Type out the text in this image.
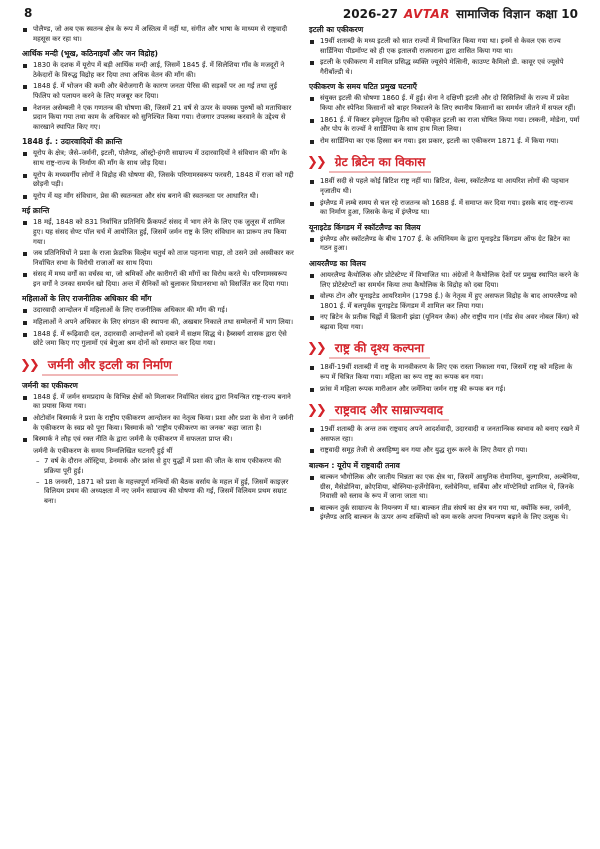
8	2026-27 AVTAR सामाजिक विज्ञान कक्षा 10

पोलैण्ड, जो अब एक स्वतन्त्र क्षेत्र के रूप में अस्तित्व में नहीं था, संगीत और भाषा के माध्यम से राष्ट्रवादी महसूस कर रहा था।

आर्थिक मन्दी (भूख, कठिनाइयाँ और जन विद्रोह)

1830 के दशक में यूरोप में बड़ी आर्थिक मन्दी आई, जिसमें 1845 ई. में सिलेशिया गाँव के मजदूरों ने ठेकेदारों के विरुद्ध विद्रोह कर दिया तथा अधिक वेतन की माँग की।

1848 ई. में भोजन की कमी और बेरोजगारी के कारण जनता पेरिस की सड़कों पर आ गई तथा लुई फिलिप को पलायन करने के लिए मजबूर कर दिया।

नेशनल असेम्बली ने एक गणतन्त्र की घोषणा की, जिसमें 21 वर्ष से ऊपर के वयस्क पुरुषों को मताधिकार प्रदान किया गया तथा काम के अधिकार को सुनिश्चित किया गया। रोजगार उपलब्ध करवाने के उद्देश्य से कारखाने स्थापित किए गए।

1848 ई. : उदारवादियों की क्रान्ति

यूरोप के क्षेत्र; जैसे–जर्मनी, इटली, पोलैण्ड, ऑस्ट्रो-हंगरी साम्राज्य में उदारवादियों ने संविधान की माँग के साथ राष्ट्र-राज्य के निर्माण की माँग के साथ जोड़ दिया।

यूरोप के मध्यवर्गीय लोगों ने विद्रोह की घोषणा की, जिसके परिणामस्वरूप फरवरी, 1848 में राजा को गद्दी छोड़नी पड़ी।

यूरोप में यह माँग संविधान, प्रेस की स्वतन्त्रता और संघ बनाने की स्वतन्त्रता पर आधारित थी।

मई क्रान्ति

18 मई, 1848 को 831 निर्वाचित प्रतिनिधि फ्रैंकफर्ट संसद में भाग लेने के लिए एक जुलूस में शामिल हुए। यह संसद सेण्ट पॉल चर्च में आयोजित हुई, जिसमें जर्मन राष्ट्र के लिए संविधान का प्रारूप तय किया गया।

जब प्रतिनिधियों ने प्रशा के राजा फ्रेडरिक विल्हेम चतुर्थ को ताज पहनाना चाहा, तो उसने उसे अस्वीकार कर निर्वाचित सभा के विरोधी राजाओं का साथ दिया।

संसद में मध्य वर्गों का वर्चस्व था, जो श्रमिकों और कारीगरों की माँगों का विरोध करते थे। परिणामस्वरूप इन वर्गों ने उनका समर्थन खो दिया। अन्त में सैनिकों को बुलाकर विधानसभा को विसर्जित कर दिया गया।

महिलाओं के लिए राजनीतिक अधिकार की माँग

उदारवादी आन्दोलन में महिलाओं के लिए राजनीतिक अधिकार की माँग की गई।

महिलाओं ने अपने अधिकार के लिए संगठन की स्थापना की, अखबार निकाले तथा सम्मेलनों में भाग लिया।

1848 ई. में रूढ़िवादी दल, उदारवादी आन्दोलनों को दबाने में सक्षम सिद्ध थे। हैब्सबर्ग शासक द्वारा ऐसे छोटे जमा किए गए गुलामों एवं बेगुआ श्रम दोनों को समाप्त कर दिया गया।

❯❯ जर्मनी और इटली का निर्माण
जर्मनी का एकीकरण

1848 ई. में जर्मन समप्रदाय के विभिन्न क्षेत्रों को मिलाकर निर्वाचित संसद द्वारा नियन्त्रित राष्ट्र-राज्य बनाने का प्रयास किया गया।

ओटोवॉन बिस्मार्क ने प्रशा के राष्ट्रीय एकीकरण आन्दोलन का नेतृत्व किया। प्रशा और प्रशा के सेना ने जर्मनी के एकीकरण के स्वप्न को पूरा किया। बिस्मार्क को 'राष्ट्रीय एकीकरण का जनक' कहा जाता है।

बिस्मार्क ने लौह एवं रक्त नीति के द्वारा जर्मनी के एकीकरण में सफलता प्राप्त की।

जर्मनी के एकीकरण के समय निम्नलिखित घटनाएँ हुई थीं

– 7 वर्ष के दौरान ऑस्ट्रिया, डेनमार्क और फ्रांस से हुए युद्धों में प्रशा की जीत के साथ एकीकरण की प्रक्रिया पूरी हुई।

– 18 जनवरी, 1871 को प्रशा के महत्त्वपूर्ण मन्त्रियों की बैठक वर्साय के महल में हुई, जिसमें काइज़र विलियम प्रथम की अध्यक्षता में नए जर्मन साम्राज्य की घोषणा की गई, जिसमें विलियम प्रथम सम्राट बना।

इटली का एकीकरण

19वीं शताब्दी के मध्य इटली को सात राज्यों में विभाजित किया गया था। इनमें से केवल एक राज्य सार्डिनिया पीडमॉण्ट को ही एक इतालवी राजघराना द्वारा शासित किया गया था।

इटली के एकीकरण में शामिल प्रसिद्ध व्यक्ति ज्यूसेपे मेत्सिनी, काउण्ट कैमिलो डी. कावूर एवं ज्यूसेपे गैरीबॉल्डी थे।

एकीकरण के समय घटित प्रमुख घटनाएँ

संयुक्त इटली की घोषणा 1860 ई. में हुई। सेना ने दक्षिणी इटली और दो सिसिलियों के राज्य में प्रवेश किया और स्पेनिश किसानों को बाहर निकालने के लिए स्थानीय किसानों का समर्थन जीतने में सफल रहीं।

1861 ई. में विक्टर इमेनुएल द्वितीय को एकीकृत इटली का राजा घोषित किया गया। टस्कनी, मोडेना, पर्मा और पोप के राज्यों ने सार्डिनिया के साथ हाथ मिला लिया।

रोम सार्डिनिया का एक हिस्सा बन गया। इस प्रकार, इटली का एकीकरण 1871 ई. में किया गया।

❯❯ ग्रेट ब्रिटेन का विकास

18वीं सदी से पहले कोई ब्रिटिश राष्ट्र नहीं था। ब्रिटिश, वेल्स, स्कॉटलैण्ड या आयरिश लोगों की पहचान नृजातीय थी।

इंग्लैण्ड में लम्बे समय से चल रहे राजतन्त्र को 1688 ई. में समाप्त कर दिया गया। इसके बाद राष्ट्र-राज्य का निर्माण हुआ, जिसके केन्द्र में इंग्लैण्ड था।

यूनाइटेड किंगडम में स्कॉटलैण्ड का विलय

इंग्लैण्ड और स्कॉटलैण्ड के बीच 1707 ई. के अधिनियम के द्वारा यूनाइटेड किंगडम ऑफ ग्रेट ब्रिटेन का गठन हुआ।

आयरलैण्ड का विलय

आयरलैण्ड कैथोलिक और प्रोटेस्टेण्ट में विभाजित था। अंग्रेजों ने कैथोलिक देशों पर प्रमुख स्थापित करने के लिए प्रोटेस्टेण्टों का समर्थन किया तथा कैथोलिक के विद्रोह को दबा दिया।

वोल्फ टोन और यूनाइटेड आयरिशमेन (1798 ई.) के नेतृत्व में हुए असफल विद्रोह के बाद आयरलैण्ड को 1801 ई. में बलपूर्वक यूनाइटेड किंगडम में शामिल कर लिया गया।

नए ब्रिटेन के प्रतीक चिह्नों में ब्रितानी झंडा (यूनियन जैक) और राष्ट्रीय गान (गॉड सेव अवर नोबल किंग) को बढ़ावा दिया गया।

❯❯ राष्ट्र की दृश्य कल्पना

18वीं-19वीं शताब्दी में राष्ट्र के मानवीकरण के लिए एक रास्ता निकाला गया, जिसमें राष्ट्र को महिला के रूप में चित्रित किया गया। महिला का रूप राष्ट्र का रूपक बन गया।

फ्रांस में महिला रूपक मारीआन और जर्मेनिया जर्मन राष्ट्र की रूपक बन गई।

❯❯ राष्ट्रवाद और साम्राज्यवाद

19वीं शताब्दी के अन्त तक राष्ट्रवाद अपने आदर्शवादी, उदारवादी व जनतान्त्रिक स्वभाव को बनाए रखने में असफल रहा।

राष्ट्रवादी समूह तेजी से असहिष्णु बन गया और युद्ध शुरू करने के लिए तैयार हो गया।

बाल्कन : यूरोप में राष्ट्रवादी तनाव

बाल्कन भौगोलिक और जातीय भिन्नता का एक क्षेत्र था, जिसमें आधुनिक रोमानिया, बुल्गारिया, अल्बेनिया, ग्रीस, मैसेडोनिया, क्रोएशिया, बोस्निया-हर्जेगोविना, स्लोवेनिया, सर्बिया और मॉण्टेनिग्रो शामिल थे, जिनके निवासी को स्लाव के रूप में जाना जाता था।

बाल्कन तुर्क साम्राज्य के नियन्त्रण में था। बाल्कन तीव्र संघर्ष का क्षेत्र बन गया था, क्योंकि रूस, जर्मनी, इंग्लैण्ड आदि बाल्कन के ऊपर अन्य शक्तियों को कम करके अपना नियन्त्रण बढ़ाने के लिए उत्सुक थे।
